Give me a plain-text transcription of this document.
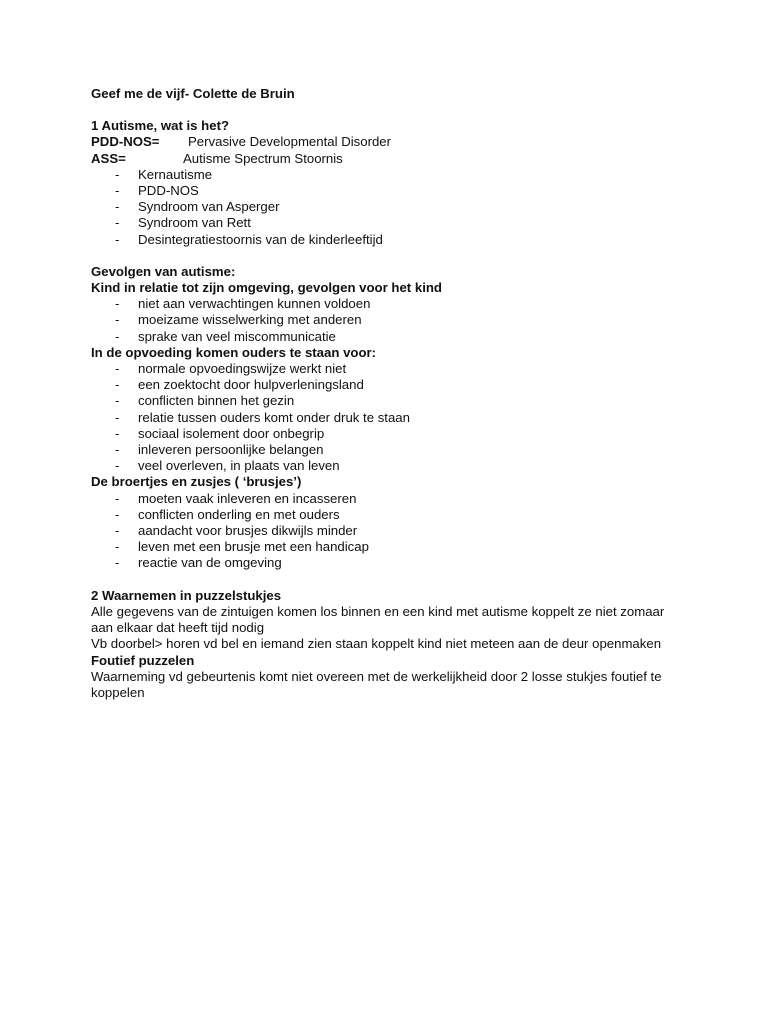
Geef me de vijf- Colette de Bruin

1 Autisme, wat is het?

PDD-NOS=	Pervasive Developmental Disorder
ASS=	Autisme Spectrum Stoornis
- Kernautisme
- PDD-NOS
- Syndroom van Asperger
- Syndroom van Rett
- Desintegratiestoornis van de kinderleeftijd

Gevolgen van autisme:

Kind in relatie tot zijn omgeving, gevolgen voor het kind

- niet aan verwachtingen kunnen voldoen
- moeizame wisselwerking met anderen
- sprake van veel miscommunicatie

In de opvoeding komen ouders te staan voor:

- normale opvoedingswijze werkt niet
- een zoektocht door hulpverleningsland
- conflicten binnen het gezin
- relatie tussen ouders komt onder druk te staan
- sociaal isolement door onbegrip
- inleveren persoonlijke belangen
- veel overleven, in plaats van leven

De broertjes en zusjes ( ‘brusjes’)

- moeten vaak inleveren en incasseren
- conflicten onderling en met ouders
- aandacht voor brusjes dikwijls minder
- leven met een brusje met een handicap
- reactie van de omgeving

2 Waarnemen in puzzelstukjes

Alle gegevens van de zintuigen komen los binnen en een kind met autisme koppelt ze niet zomaar aan elkaar dat heeft tijd nodig

Vb doorbel> horen vd bel en iemand zien staan koppelt kind niet meteen aan de deur openmaken

Foutief puzzelen

Waarneming vd gebeurtenis komt niet overeen met de werkelijkheid door 2 losse stukjes foutief te koppelen
